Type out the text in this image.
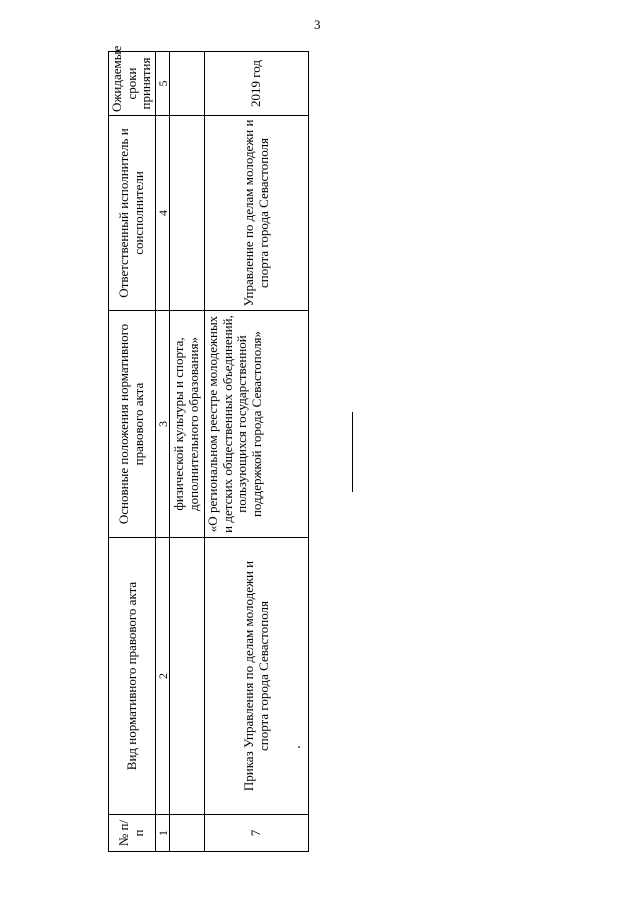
3
№ п/п	Вид нормативного правового акта	Основные положения нормативного правового акта	Ответственный исполнитель и соисполнители	Ожидаемые сроки принятия
1	2	3	4	5
		физической культуры и спорта, дополнительного образования»		
7	Приказ Управления по делам молодежи и спорта города Севастополя	«О региональном реестре молодежных и детских общественных объединений, пользующихся государственной поддержкой города Севастополя»	Управление по делам молодежи и спорта города Севастополя	2019 год
